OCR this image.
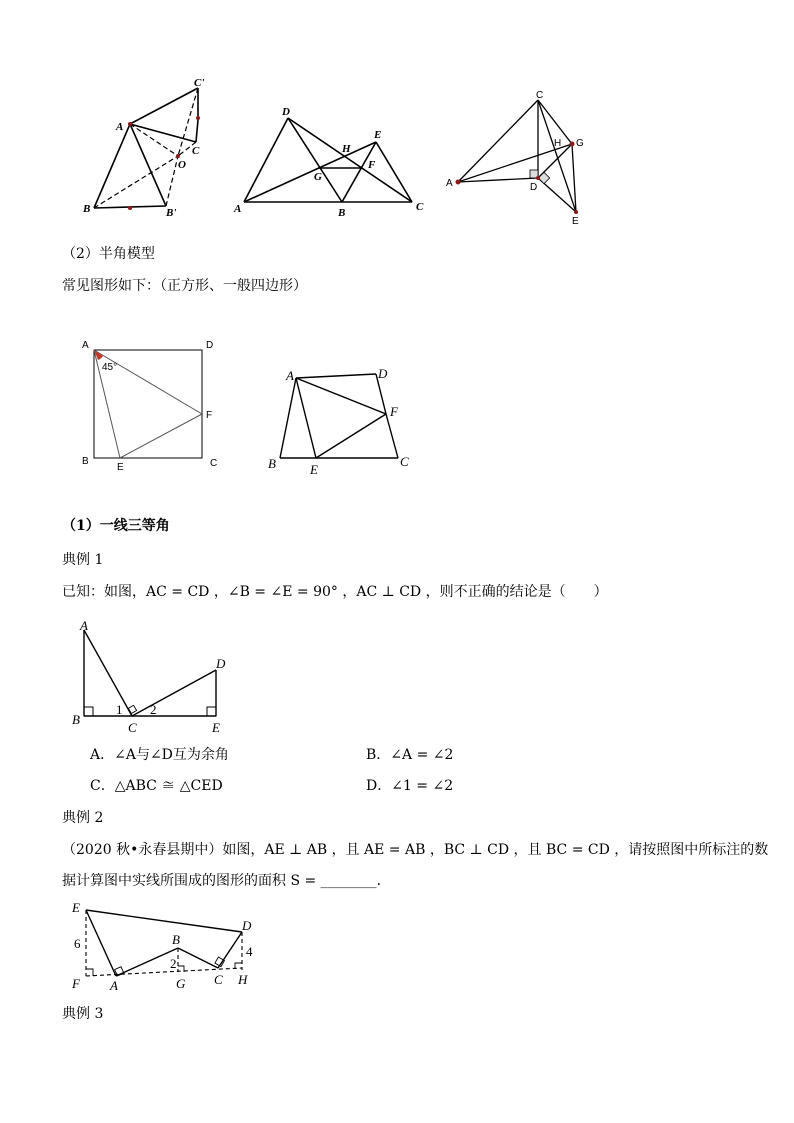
A
C'
C
O
B	B'
D
E
H
G
F
A	B	C
C
H G
A	D
E
（2）半角模型
常见图形如下：（正方形、一般四边形）
A	D
F
B
E	C
45°
A	D
F
B	E
C
（1）一线三等角
典例 1
已知：如图，AC = CD ，∠B = ∠E = 90° ，AC ⊥ CD ，则不正确的结论是（　　）
A
D
B
C	E
1 2
A．∠A与∠D互为余角	B．∠A = ∠2
C．△ABC ≅ △CED	D．∠1 = ∠2
典例 2
（2020 秋•永春县期中）如图，AE ⊥ AB ，且 AE = AB ，BC ⊥ CD ，且 BC = CD ，请按照图中所标注的数
据计算图中实线所围成的图形的面积 S = ________．
E
D
B
6
4
2
F A	G C H
典例 3
